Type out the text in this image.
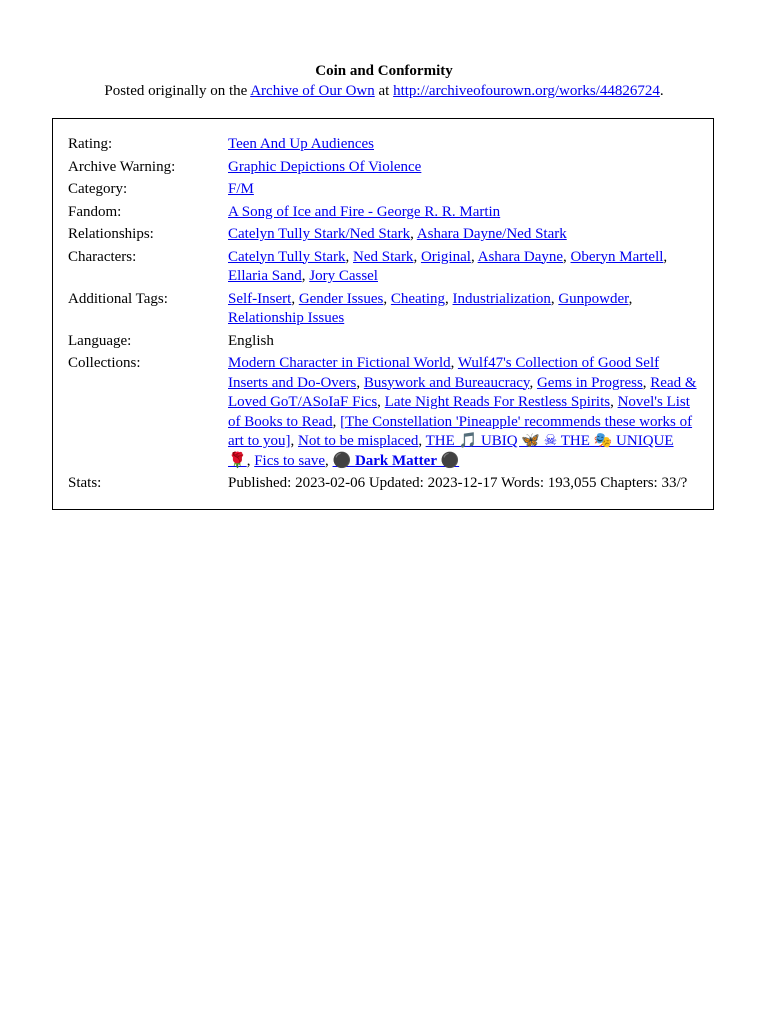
Coin and Conformity
Posted originally on the Archive of Our Own at http://archiveofourown.org/works/44826724.
Rating:	Teen And Up Audiences
Archive Warning:	Graphic Depictions Of Violence
Category:	F/M
Fandom:	A Song of Ice and Fire - George R. R. Martin
Relationships:	Catelyn Tully Stark/Ned Stark, Ashara Dayne/Ned Stark
Characters:	Catelyn Tully Stark, Ned Stark, Original, Ashara Dayne, Oberyn Martell, Ellaria Sand, Jory Cassel
Additional Tags:	Self-Insert, Gender Issues, Cheating, Industrialization, Gunpowder, Relationship Issues
Language:	English
Collections:	Modern Character in Fictional World, Wulf47's Collection of Good Self Inserts and Do-Overs, Busywork and Bureaucracy, Gems in Progress, Read & Loved GoT/ASoIaF Fics, Late Night Reads For Restless Spirits, Novel's List of Books to Read, [The Constellation 'Pineapple' recommends these works of art to you], Not to be misplaced, THE 🎵 UBIQ 🦋 ☠ THE 🎭 UNIQUE 🌹, Fics to save, ⚫ Dark Matter ⚫
Stats:	Published: 2023-02-06 Updated: 2023-12-17 Words: 193,055 Chapters: 33/?
